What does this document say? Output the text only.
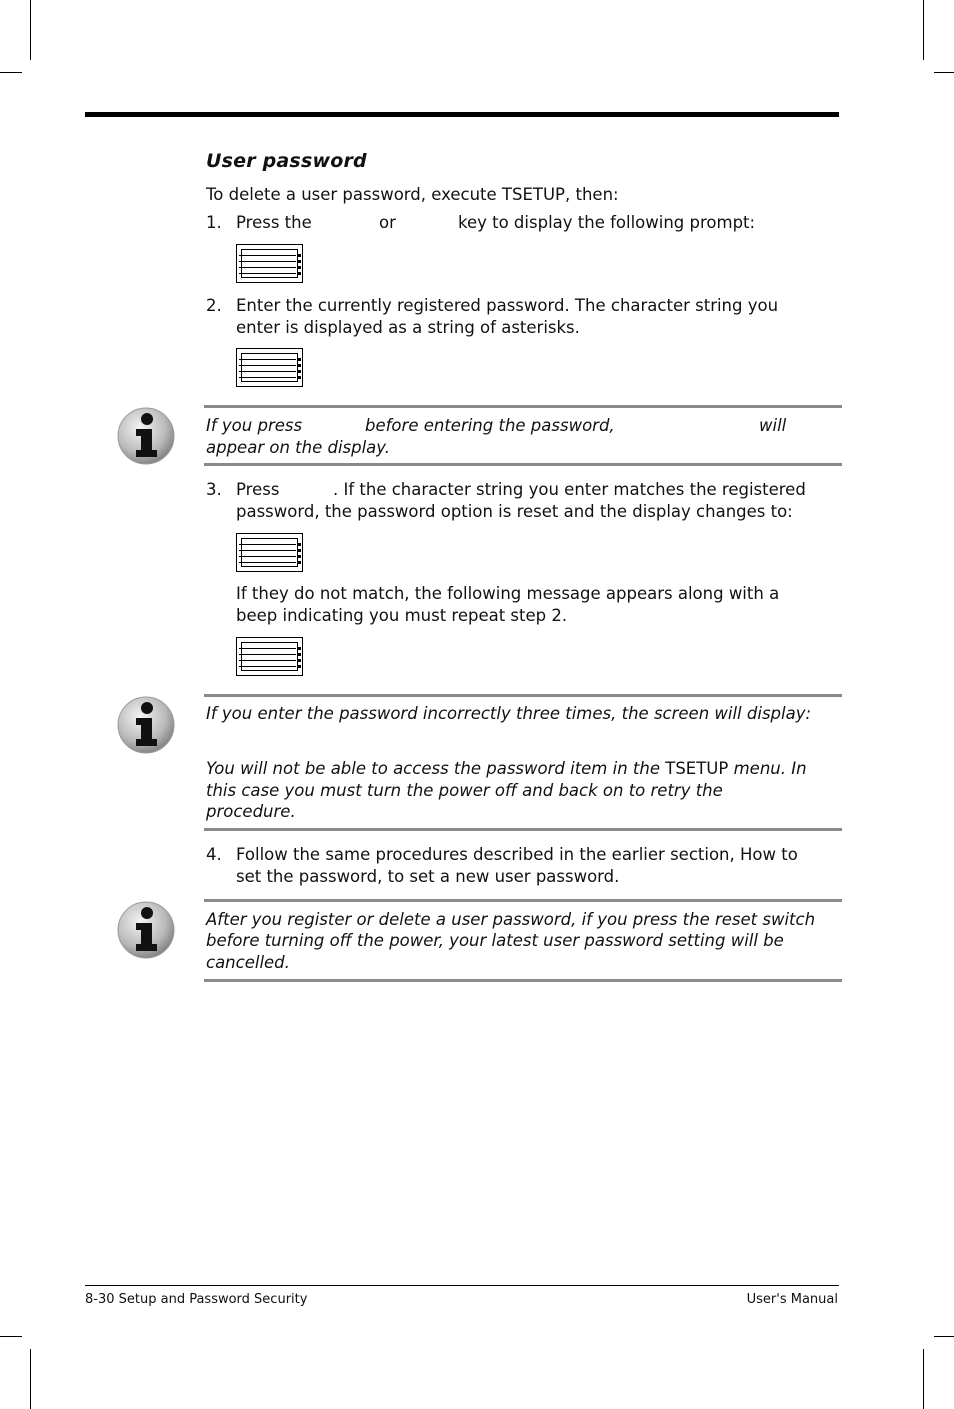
User password
To delete a user password, execute TSETUP, then:
1. Press the	or	key to display the following prompt:
2. Enter the currently registered password. The character string you
enter is displayed as a string of asterisks.
If you press	before entering the password,	will
appear on the display.
3. Press	. If the character string you enter matches the registered
password, the password option is reset and the display changes to:
If they do not match, the following message appears along with a
beep indicating you must repeat step 2.
If you enter the password incorrectly three times, the screen will display:
You will not be able to access the password item in the TSETUP menu. In
this case you must turn the power off and back on to retry the
procedure.
4. Follow the same procedures described in the earlier section, How to
set the password, to set a new user password.
After you register or delete a user password, if you press the reset switch
before turning off the power, your latest user password setting will be
cancelled.
8-30 Setup and Password Security	User's Manual
